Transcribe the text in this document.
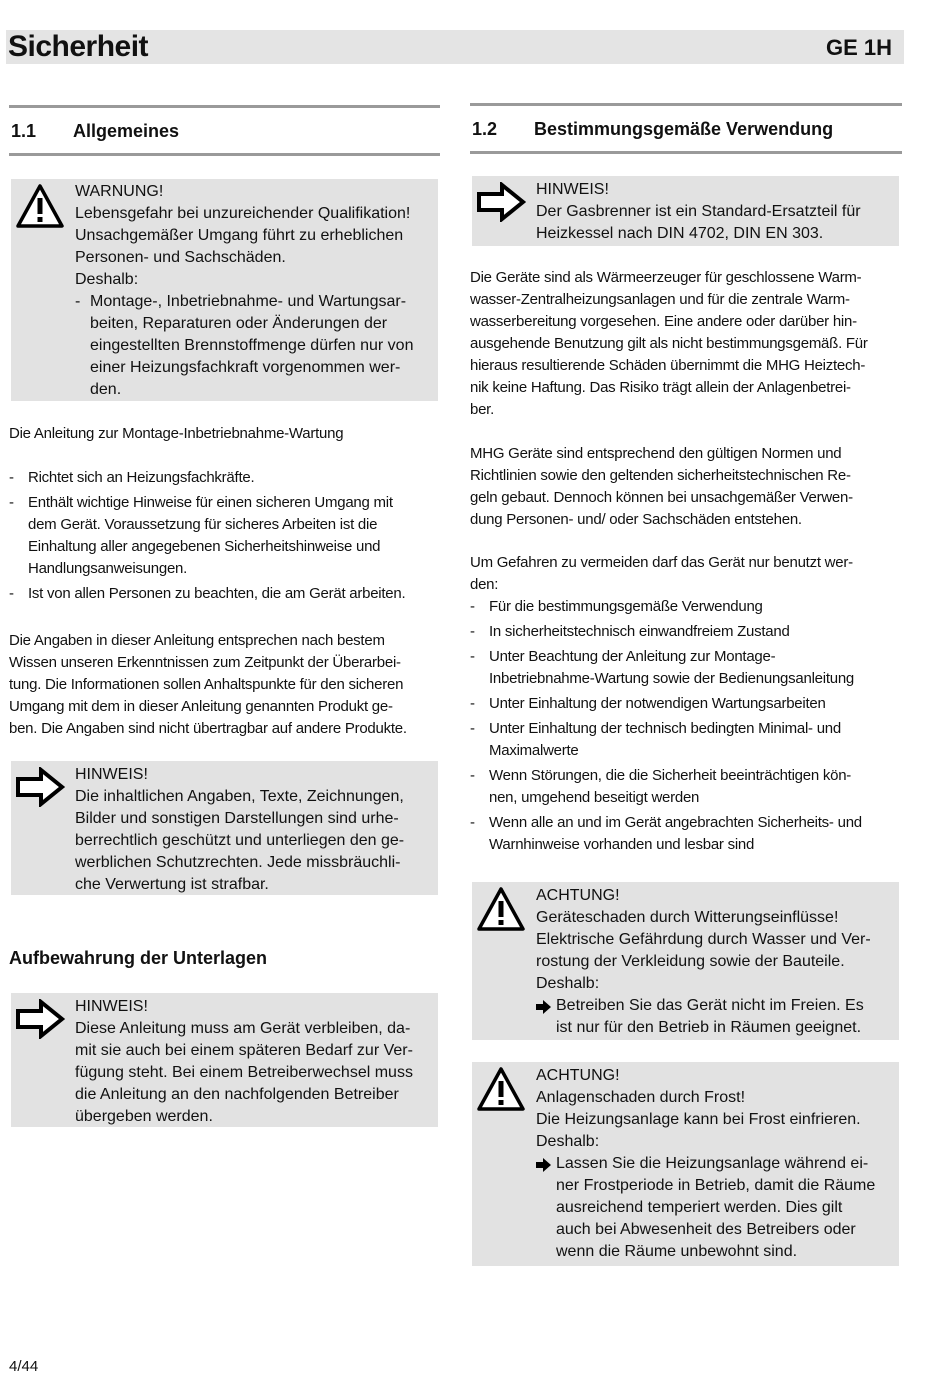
Sicherheit	GE 1H
1.1 Allgemeines
WARNUNG!
Lebensgefahr bei unzureichender Qualifikation!
Unsachgemäßer Umgang führt zu erheblichen
Personen- und Sachschäden.
Deshalb:
- Montage-, Inbetriebnahme- und Wartungsar-
beiten, Reparaturen oder Änderungen der
eingestellten Brennstoffmenge dürfen nur von
einer Heizungsfachkraft vorgenommen wer-
den.
Die Anleitung zur Montage-Inbetriebnahme-Wartung
- Richtet sich an Heizungsfachkräfte.
- Enthält wichtige Hinweise für einen sicheren Umgang mit
dem Gerät. Voraussetzung für sicheres Arbeiten ist die
Einhaltung aller angegebenen Sicherheitshinweise und
Handlungsanweisungen.
- Ist von allen Personen zu beachten, die am Gerät arbeiten.
Die Angaben in dieser Anleitung entsprechen nach bestem
Wissen unseren Erkenntnissen zum Zeitpunkt der Überarbei-
tung. Die Informationen sollen Anhaltspunkte für den sicheren
Umgang mit dem in dieser Anleitung genannten Produkt ge-
ben. Die Angaben sind nicht übertragbar auf andere Produkte.
HINWEIS!
Die inhaltlichen Angaben, Texte, Zeichnungen,
Bilder und sonstigen Darstellungen sind urhe-
berrechtlich geschützt und unterliegen den ge-
werblichen Schutzrechten. Jede missbräuchli-
che Verwertung ist strafbar.
Aufbewahrung der Unterlagen
HINWEIS!
Diese Anleitung muss am Gerät verbleiben, da-
mit sie auch bei einem späteren Bedarf zur Ver-
fügung steht. Bei einem Betreiberwechsel muss
die Anleitung an den nachfolgenden Betreiber
übergeben werden.
1.2 Bestimmungsgemäße Verwendung
HINWEIS!
Der Gasbrenner ist ein Standard-Ersatzteil für
Heizkessel nach DIN 4702, DIN EN 303.
Die Geräte sind als Wärmeerzeuger für geschlossene Warm-
wasser-Zentralheizungsanlagen und für die zentrale Warm-
wasserbereitung vorgesehen. Eine andere oder darüber hin-
ausgehende Benutzung gilt als nicht bestimmungsgemäß. Für
hieraus resultierende Schäden übernimmt die MHG Heiztech-
nik keine Haftung. Das Risiko trägt allein der Anlagenbetrei-
ber.
MHG Geräte sind entsprechend den gültigen Normen und
Richtlinien sowie den geltenden sicherheitstechnischen Re-
geln gebaut. Dennoch können bei unsachgemäßer Verwen-
dung Personen- und/ oder Sachschäden entstehen.
Um Gefahren zu vermeiden darf das Gerät nur benutzt wer-
den:
- Für die bestimmungsgemäße Verwendung
- In sicherheitstechnisch einwandfreiem Zustand
- Unter Beachtung der Anleitung zur Montage-
Inbetriebnahme-Wartung sowie der Bedienungsanleitung
- Unter Einhaltung der notwendigen Wartungsarbeiten
- Unter Einhaltung der technisch bedingten Minimal- und
Maximalwerte
- Wenn Störungen, die die Sicherheit beeinträchtigen kön-
nen, umgehend beseitigt werden
- Wenn alle an und im Gerät angebrachten Sicherheits- und
Warnhinweise vorhanden und lesbar sind
ACHTUNG!
Geräteschaden durch Witterungseinflüsse!
Elektrische Gefährdung durch Wasser und Ver-
rostung der Verkleidung sowie der Bauteile.
Deshalb:
Betreiben Sie das Gerät nicht im Freien. Es
ist nur für den Betrieb in Räumen geeignet.
ACHTUNG!
Anlagenschaden durch Frost!
Die Heizungsanlage kann bei Frost einfrieren.
Deshalb:
Lassen Sie die Heizungsanlage während ei-
ner Frostperiode in Betrieb, damit die Räume
ausreichend temperiert werden. Dies gilt
auch bei Abwesenheit des Betreibers oder
wenn die Räume unbewohnt sind.
4/44
